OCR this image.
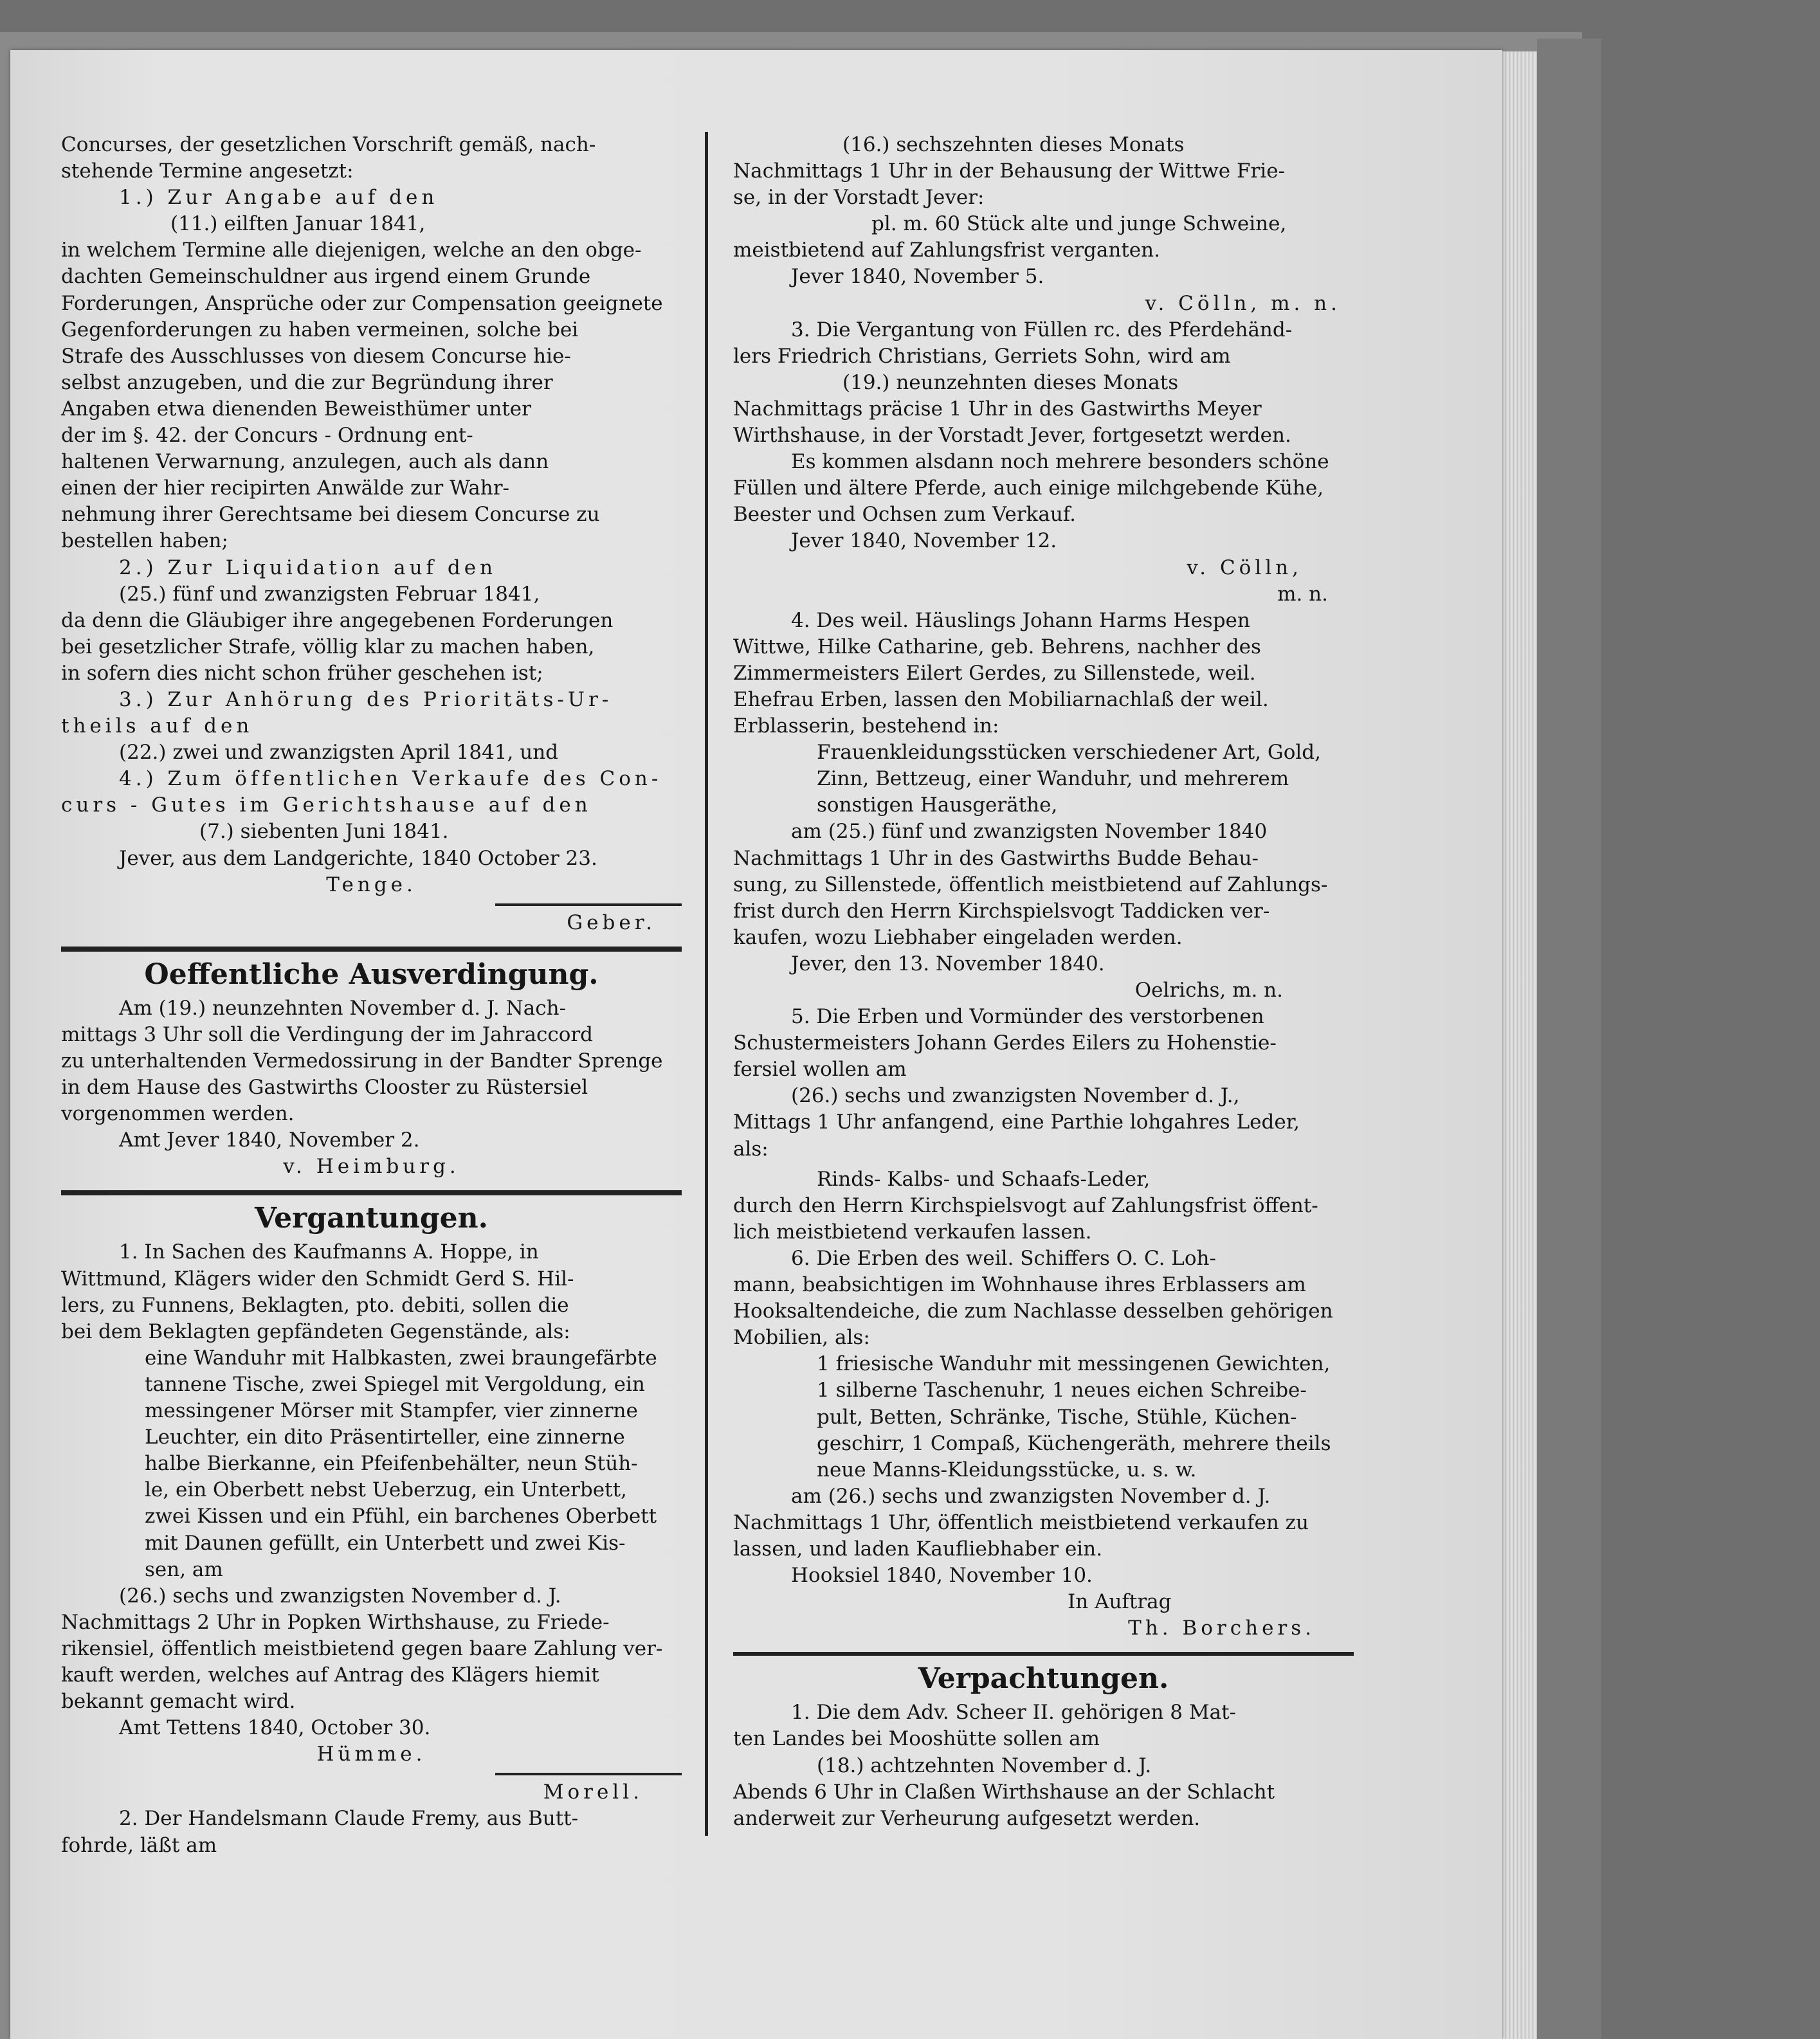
Concurses, der gesetzlichen Vorschrift gemäß, nach-

stehende Termine angesetzt:

1.) Zur Angabe auf den

(11.) eilften Januar 1841,

in welchem Termine alle diejenigen, welche an den obge-

dachten Gemeinschuldner aus irgend einem Grunde

Forderungen, Ansprüche oder zur Compensation geeignete

Gegenforderungen zu haben vermeinen, solche bei

Strafe des Ausschlusses von diesem Concurse hie-

selbst anzugeben, und die zur Begründung ihrer

Angaben etwa dienenden Beweisthümer unter

der im §. 42. der Concurs - Ordnung ent-

haltenen Verwarnung, anzulegen, auch als dann

einen der hier recipirten Anwälde zur Wahr-

nehmung ihrer Gerechtsame bei diesem Concurse zu

bestellen haben;

2.) Zur Liquidation auf den

(25.) fünf und zwanzigsten Februar 1841,

da denn die Gläubiger ihre angegebenen Forderungen

bei gesetzlicher Strafe, völlig klar zu machen haben,

in sofern dies nicht schon früher geschehen ist;

3.) Zur Anhörung des Prioritäts-Ur-

theils auf den

(22.) zwei und zwanzigsten April 1841, und

4.) Zum öffentlichen Verkaufe des Con-

curs - Gutes im Gerichtshause auf den

(7.) siebenten Juni 1841.

Jever, aus dem Landgerichte, 1840 October 23.

Tenge.

Geber.

Oeffentliche Ausverdingung.

Am (19.) neunzehnten November d. J. Nach-

mittags 3 Uhr soll die Verdingung der im Jahraccord

zu unterhaltenden Vermedossirung in der Bandter Sprenge

in dem Hause des Gastwirths Clooster zu Rüstersiel

vorgenommen werden.

Amt Jever 1840, November 2.

v. Heimburg.

Vergantungen.

1. In Sachen des Kaufmanns A. Hoppe, in

Wittmund, Klägers wider den Schmidt Gerd S. Hil-

lers, zu Funnens, Beklagten, pto. debiti, sollen die

bei dem Beklagten gepfändeten Gegenstände, als:

eine Wanduhr mit Halbkasten, zwei braungefärbte

tannene Tische, zwei Spiegel mit Vergoldung, ein

messingener Mörser mit Stampfer, vier zinnerne

Leuchter, ein dito Präsentirteller, eine zinnerne

halbe Bierkanne, ein Pfeifenbehälter, neun Stüh-

le, ein Oberbett nebst Ueberzug, ein Unterbett,

zwei Kissen und ein Pfühl, ein barchenes Oberbett

mit Daunen gefüllt, ein Unterbett und zwei Kis-

sen, am

(26.) sechs und zwanzigsten November d. J.

Nachmittags 2 Uhr in Popken Wirthshause, zu Friede-

rikensiel, öffentlich meistbietend gegen baare Zahlung ver-

kauft werden, welches auf Antrag des Klägers hiemit

bekannt gemacht wird.

Amt Tettens 1840, October 30.

Hümme.

Morell.

2. Der Handelsmann Claude Fremy, aus Butt-

fohrde, läßt am

(16.) sechszehnten dieses Monats

Nachmittags 1 Uhr in der Behausung der Wittwe Frie-

se, in der Vorstadt Jever:

pl. m. 60 Stück alte und junge Schweine,

meistbietend auf Zahlungsfrist verganten.

Jever 1840, November 5.

v. Cölln, m. n.

3. Die Vergantung von Füllen rc. des Pferdehänd-

lers Friedrich Christians, Gerriets Sohn, wird am

(19.) neunzehnten dieses Monats

Nachmittags präcise 1 Uhr in des Gastwirths Meyer

Wirthshause, in der Vorstadt Jever, fortgesetzt werden.

Es kommen alsdann noch mehrere besonders schöne

Füllen und ältere Pferde, auch einige milchgebende Kühe,

Beester und Ochsen zum Verkauf.

Jever 1840, November 12.

v. Cölln,

m. n.

4. Des weil. Häuslings Johann Harms Hespen

Wittwe, Hilke Catharine, geb. Behrens, nachher des

Zimmermeisters Eilert Gerdes, zu Sillenstede, weil.

Ehefrau Erben, lassen den Mobiliarnachlaß der weil.

Erblasserin, bestehend in:

Frauenkleidungsstücken verschiedener Art, Gold,

Zinn, Bettzeug, einer Wanduhr, und mehrerem

sonstigen Hausgeräthe,

am (25.) fünf und zwanzigsten November 1840

Nachmittags 1 Uhr in des Gastwirths Budde Behau-

sung, zu Sillenstede, öffentlich meistbietend auf Zahlungs-

frist durch den Herrn Kirchspielsvogt Taddicken ver-

kaufen, wozu Liebhaber eingeladen werden.

Jever, den 13. November 1840.

Oelrichs, m. n.

5. Die Erben und Vormünder des verstorbenen

Schustermeisters Johann Gerdes Eilers zu Hohenstie-

fersiel wollen am

(26.) sechs und zwanzigsten November d. J.,

Mittags 1 Uhr anfangend, eine Parthie lohgahres Leder,

als:

Rinds- Kalbs- und Schaafs-Leder,

durch den Herrn Kirchspielsvogt auf Zahlungsfrist öffent-

lich meistbietend verkaufen lassen.

6. Die Erben des weil. Schiffers O. C. Loh-

mann, beabsichtigen im Wohnhause ihres Erblassers am

Hooksaltendeiche, die zum Nachlasse desselben gehörigen

Mobilien, als:

1 friesische Wanduhr mit messingenen Gewichten,

1 silberne Taschenuhr, 1 neues eichen Schreibe-

pult, Betten, Schränke, Tische, Stühle, Küchen-

geschirr, 1 Compaß, Küchengeräth, mehrere theils

neue Manns-Kleidungsstücke, u. s. w.

am (26.) sechs und zwanzigsten November d. J.

Nachmittags 1 Uhr, öffentlich meistbietend verkaufen zu

lassen, und laden Kaufliebhaber ein.

Hooksiel 1840, November 10.

In Auftrag

Th. Borchers.

Verpachtungen.

1. Die dem Adv. Scheer II. gehörigen 8 Mat-

ten Landes bei Mooshütte sollen am

(18.) achtzehnten November d. J.

Abends 6 Uhr in Claßen Wirthshause an der Schlacht

anderweit zur Verheurung aufgesetzt werden.
